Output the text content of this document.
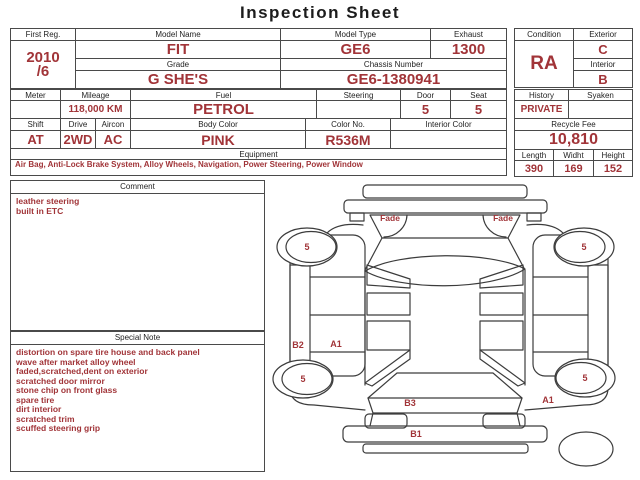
Inspection Sheet
First Reg.	Model Name	Model Type	Exhaust

2010
/6	FIT	GE6	1300
	Grade	Chassis Number	
	G SHE'S	GE6-1380941	
Condition	Exterior
RA	C
	Interior
	B
Meter	Mileage		Fuel		Steering		Door	Seat
	118,000 KM		PETROL				5	5
Shift	Drive	Aircon	Body Color	Color No.		Interior Color		
AT	2WD	AC	PINK	R536M				
Equipment								

Air Bag, Anti-Lock Brake System, Alloy Wheels, Navigation, Power Steering, Power Window								
History		Syaken	
PRIVATE			
Recycle Fee			
10,810			
Length	Widht		Height
390	169		152
Comment
leather steering
built in ETC
Special Note
distortion on spare tire house and back panel
wave after market alloy wheel
faded,scratched,dent on exterior
scratched door mirror
stone chip on front glass
spare tire
dirt interior
scratched trim
scuffed steering grip
Fade	Fade
5	5
5	5
B2	A1
B3	A1
B1
